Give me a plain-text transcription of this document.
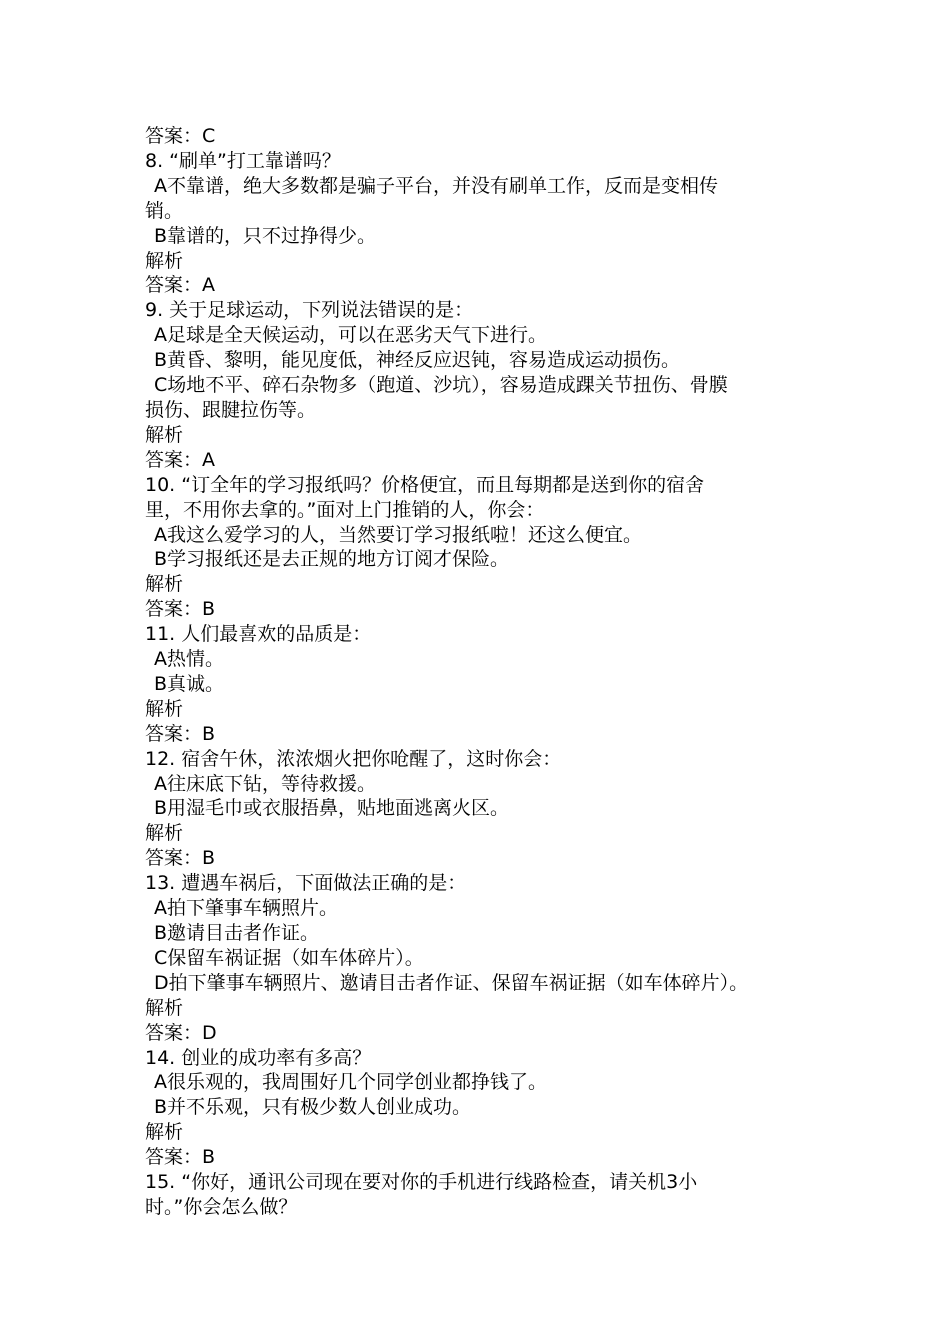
答案：C
8. “刷单”打工靠谱吗？
A不靠谱，绝大多数都是骗子平台，并没有刷单工作，反而是变相传
销。
B靠谱的，只不过挣得少。
解析
答案：A
9. 关于足球运动，下列说法错误的是：
A足球是全天候运动，可以在恶劣天气下进行。
B黄昏、黎明，能见度低，神经反应迟钝，容易造成运动损伤。
C场地不平、碎石杂物多（跑道、沙坑），容易造成踝关节扭伤、骨膜
损伤、跟腱拉伤等。
解析
答案：A
10. “订全年的学习报纸吗？价格便宜，而且每期都是送到你的宿舍
里，不用你去拿的。”面对上门推销的人，你会：
A我这么爱学习的人，当然要订学习报纸啦！还这么便宜。
B学习报纸还是去正规的地方订阅才保险。
解析
答案：B
11. 人们最喜欢的品质是：
A热情。
B真诚。
解析
答案：B
12. 宿舍午休，浓浓烟火把你呛醒了，这时你会：
A往床底下钻，等待救援。
B用湿毛巾或衣服捂鼻，贴地面逃离火区。
解析
答案：B
13. 遭遇车祸后，下面做法正确的是：
A拍下肇事车辆照片。
B邀请目击者作证。
C保留车祸证据（如车体碎片）。
D拍下肇事车辆照片、邀请目击者作证、保留车祸证据（如车体碎片）。
解析
答案：D
14. 创业的成功率有多高？
A很乐观的，我周围好几个同学创业都挣钱了。
B并不乐观，只有极少数人创业成功。
解析
答案：B
15. “你好，通讯公司现在要对你的手机进行线路检查，请关机3小
时。”你会怎么做？
